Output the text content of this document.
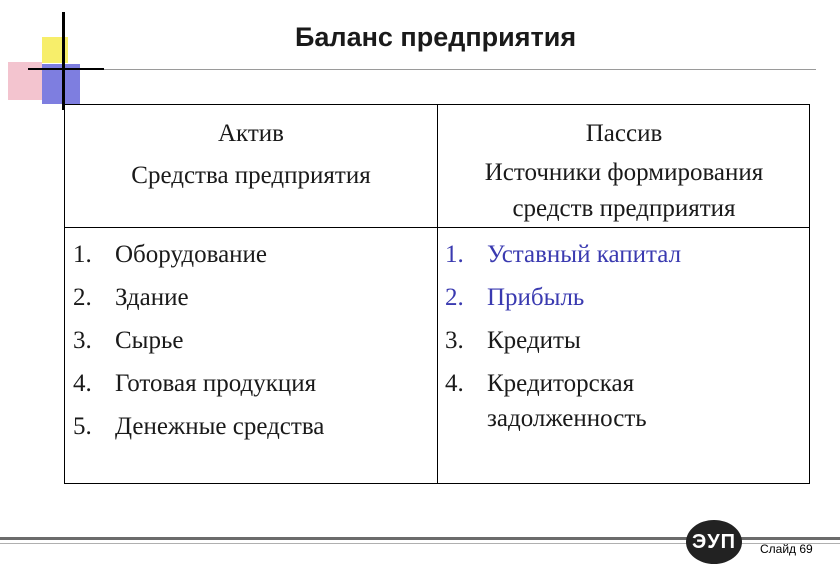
Баланс предприятия
Актив
Средства предприятия
Пассив
Источники формирования
средств предприятия
1. Оборудование
2. Здание
3. Сырье
4. Готовая продукция
5. Денежные средства
1. Уставный капитал
2. Прибыль
3. Кредиты
4. Кредиторская задолженность
ЭУП Слайд 69
